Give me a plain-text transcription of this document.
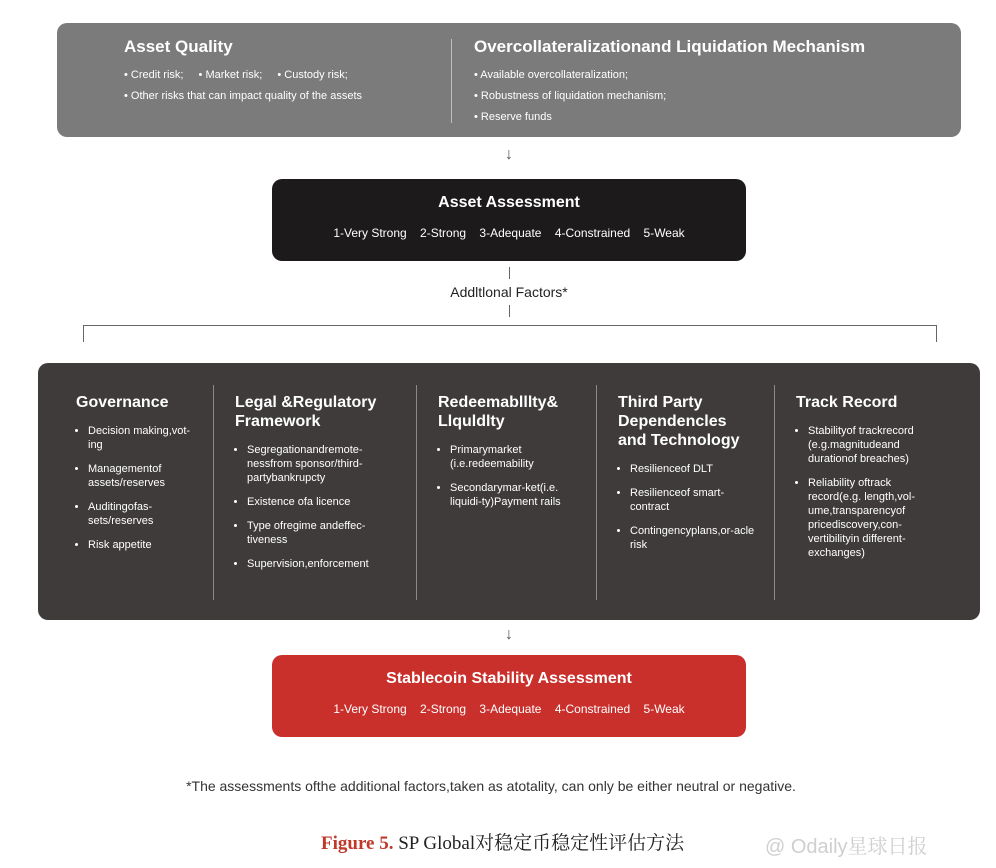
Asset Quality
• Credit risk; • Market risk; • Custody risk;
• Other risks that can impact quality of the assets
Overcollateralizationand Liquidation Mechanism
• Available overcollateralization;
• Robustness of liquidation mechanism;
• Reserve funds
↓
Asset Assessment
1-Very Strong 2-Strong 3-Adequate 4-Constrained 5-Weak
Addltlonal Factors*
Governance
• Decision making,vot-ing
• Managementof assets/reserves
• Auditingofas-sets/reserves
• Risk appetite
Legal &Regulatory Framework
• Segregationandremote-nessfrom sponsor/third-partybankrupcty
• Existence ofa licence
• Type ofregime andeffec-tiveness
• Supervision,enforcement
Redeemablllty& Llquldlty
• Primarymarket (i.e.redeemability
• Secondarymar-ket(i.e. liquidi-ty)Payment rails
Third Party Dependencles and Technology
• Resilienceof DLT
• Resilienceof smart-contract
• Contingencyplans,or-acle risk
Track Record
• Stabilityof trackrecord (e.g.magnitudeand durationof breaches)
• Reliability oftrack record(e.g. length,vol-ume,transparencyof pricediscovery,con-vertibilityin different-exchanges)
↓
Stablecoin Stability Assessment
1-Very Strong 2-Strong 3-Adequate 4-Constrained 5-Weak
*The assessments ofthe additional factors,taken as atotality, can only be either neutral or negative.
Figure 5. SP Global对稳定币稳定性评估方法	@ Odaily星球日报
